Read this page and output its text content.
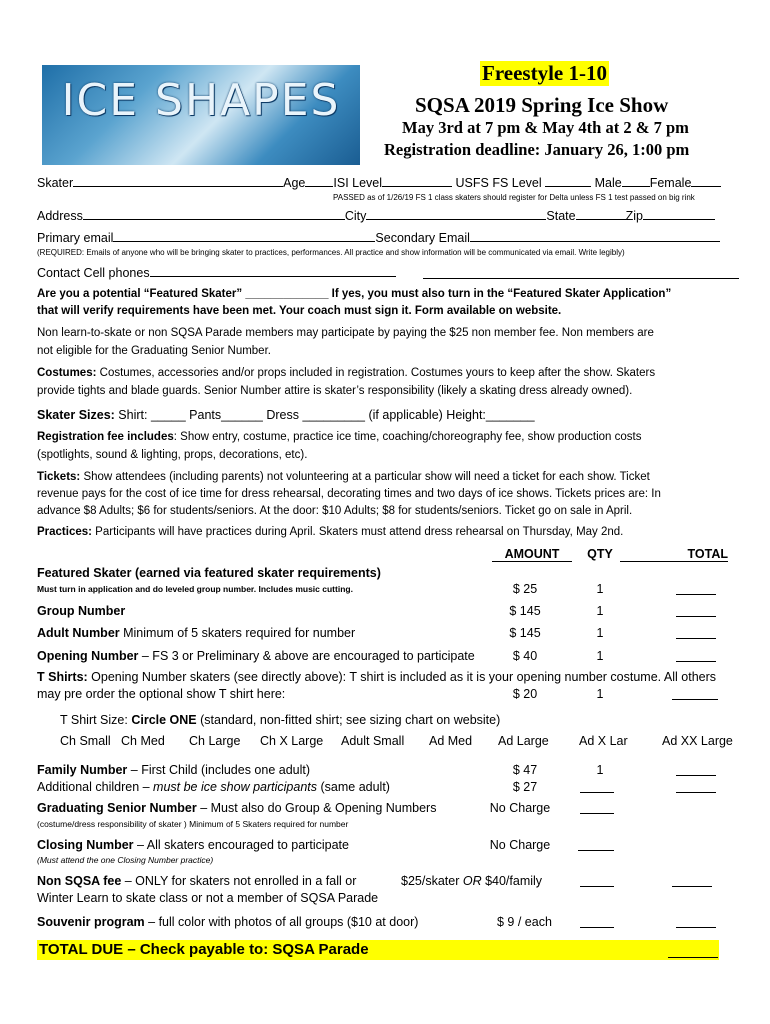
ICE SHAPES
Freestyle 1-10
SQSA 2019 Spring Ice Show
May 3rd at 7 pm & May 4th at 2 & 7 pm
Registration deadline: January 26, 1:00 pm
Skater	Age ISI Level	USFS FS Level	Male Female
PASSED as of 1/26/19 FS 1 class skaters should register for Delta unless FS 1 test passed on big rink
Address	City	State	Zip
Primary email	Secondary Email
(REQUIRED: Emails of anyone who will be bringing skater to practices, performances. All practice and show information will be communicated via email. Write legibly)
Contact Cell phones
Are you a potential “Featured Skater” _____________ If yes, you must also turn in the “Featured Skater Application”
that will verify requirements have been met. Your coach must sign it. Form available on website.
Non learn-to-skate or non SQSA Parade members may participate by paying the $25 non member fee. Non members are
not eligible for the Graduating Senior Number.
Costumes: Costumes, accessories and/or props included in registration. Costumes yours to keep after the show. Skaters
provide tights and blade guards. Senior Number attire is skater’s responsibility (likely a skating dress already owned).
Skater Sizes: Shirt: _____ Pants______ Dress _________ (if applicable) Height:_______
Registration fee includes: Show entry, costume, practice ice time, coaching/choreography fee, show production costs
(spotlights, sound & lighting, props, decorations, etc).
Tickets: Show attendees (including parents) not volunteering at a particular show will need a ticket for each show. Ticket
revenue pays for the cost of ice time for dress rehearsal, decorating times and two days of ice shows. Tickets prices are: In
advance $8 Adults; $6 for students/seniors. At the door: $10 Adults; $8 for students/seniors. Ticket go on sale in April.
Practices: Participants will have practices during April. Skaters must attend dress rehearsal on Thursday, May 2nd.
AMOUNT	QTY	TOTAL
Featured Skater (earned via featured skater requirements)
Must turn in application and do leveled group number. Includes music cutting.	$ 25	1
Group Number	$ 145	1
Adult Number Minimum of 5 skaters required for number	$ 145	1
Opening Number – FS 3 or Preliminary & above are encouraged to participate	$ 40	1
T Shirts: Opening Number skaters (see directly above): T shirt is included as it is your opening number costume. All others
may pre order the optional show T shirt here:	$ 20	1
T Shirt Size: Circle ONE (standard, non-fitted shirt; see sizing chart on website)
Ch Small Ch Med Ch Large Ch X Large Adult Small Ad Med Ad Large Ad X Lar	Ad XX Large
Family Number – First Child (includes one adult)	$ 47	1
Additional children – must be ice show participants (same adult)	$ 27
Graduating Senior Number – Must also do Group & Opening Numbers	No Charge
(costume/dress responsibility of skater ) Minimum of 5 Skaters required for number
Closing Number – All skaters encouraged to participate	No Charge
(Must attend the one Closing Number practice)
Non SQSA fee – ONLY for skaters not enrolled in a fall or
Winter Learn to skate class or not a member of SQSA Parade
$25/skater OR $40/family
Souvenir program – full color with photos of all groups ($10 at door)	$ 9 / each
TOTAL DUE – Check payable to: SQSA Parade
